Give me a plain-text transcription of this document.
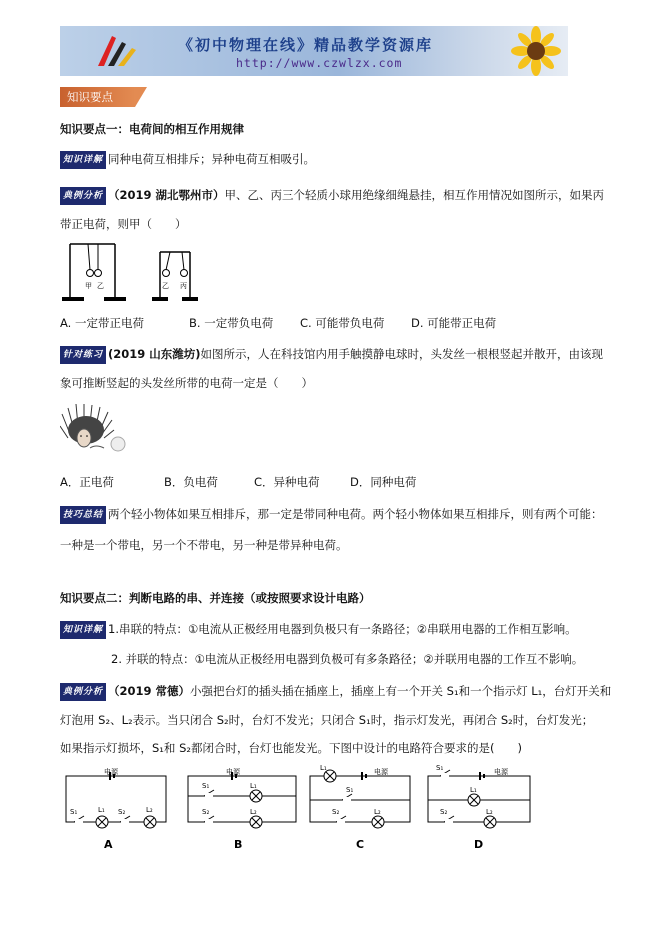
《初中物理在线》精品教学资源库
http://www.czwlzx.com
知识要点
知识要点一：电荷间的相互作用规律
知识详解 同种电荷互相排斥；异种电荷互相吸引。
典例分析 （2019 湖北鄂州市）甲、乙、丙三个轻质小球用绝缘细绳悬挂，相互作用情况如图所示，如果丙
带正电荷，则甲（　　）
甲 乙	乙 丙
A. 一定带正电荷	B. 一定带负电荷 C. 可能带负电荷 D. 可能带正电荷
针对练习 (2019 山东潍坊)如图所示，人在科技馆内用手触摸静电球时，头发丝一根根竖起并散开，由该现
象可推断竖起的头发丝所带的电荷一定是（　　）
A．正电荷	B．负电荷	C．异种电荷	D．同种电荷
技巧总结 两个轻小物体如果互相排斥，那一定是带同种电荷。两个轻小物体如果互相排斥，则有两个可能：
一种是一个带电，另一个不带电，另一种是带异种电荷。
知识要点二：判断电路的串、并连接（或按照要求设计电路）
知识详解 1.串联的特点：①电流从正极经用电器到负极只有一条路径；②串联用电器的工作相互影响。
2. 并联的特点：①电流从正极经用电器到负极可有多条路径；②并联用电器的工作互不影响。
典例分析 （2019 常德）小强把台灯的插头插在插座上，插座上有一个开关 S₁和一个指示灯 L₁，台灯开关和
灯泡用 S₂、L₂表示。当只闭合 S₂时，台灯不发光；只闭合 S₁时，指示灯发光，再闭合 S₂时，台灯发光；
如果指示灯损坏，S₁和 S₂都闭合时，台灯也能发光。下图中设计的电路符合要求的是(　　)
电源
S₁	L₁ S₂	L₂
电源
S₁	L₁
S₂	L₂
L₁	电源
S₁
S₂	L₂
S₁	电源
L₁
S₂	L₂
A	B	C	D
